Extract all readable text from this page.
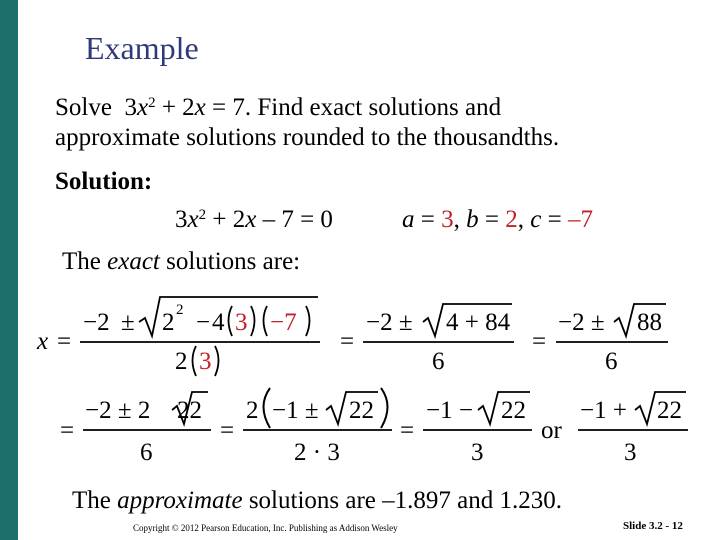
Example
Solve $3x^2 + 2x = 7$. Find exact solutions and
approximate solutions rounded to the thousandths.
Solution:
$3x^2 + 2x - 7 = 0$	a = 3, b = 2, c = –7
The exact solutions are:
x =
−2 ± 2 2 − 4 3 −7
2 3
=
−2 ± 4 + 84
6
=
−2 ± 88
6
=
−2 ± 2 22
6
=
2 −1 ± 22
2 · 3
=
−1 − 22
3
or
−1 + 22
3
The approximate solutions are –1.897 and 1.230.
Copyright © 2012 Pearson Education, Inc. Publishing as Addison Wesley	Slide 3.2 - 12
